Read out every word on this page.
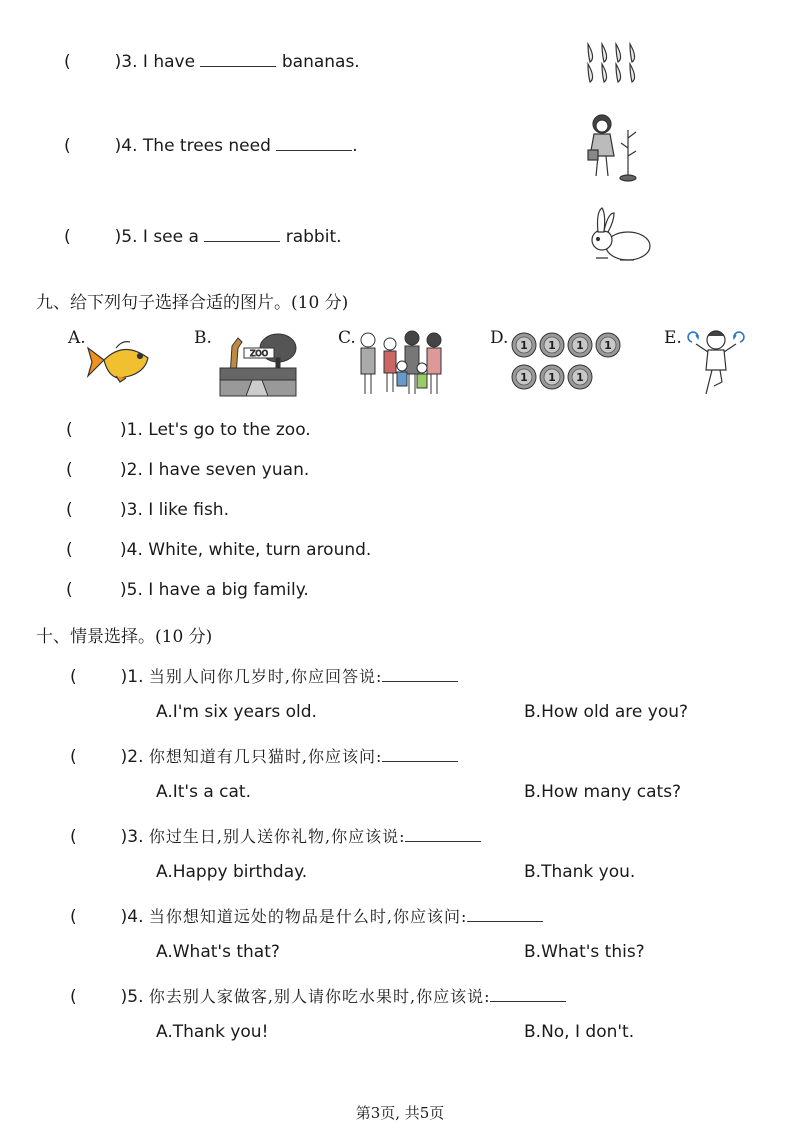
(	)3. I have	bananas.
(	)4. The trees need	.
(	)5. I see a	rabbit.
九、给下列句子选择合适的图片。(10 分)
A.	B.
ZOO
C.	D. 1 1 1 1
1 1 1
E.
(	)1. Let's go to the zoo.
(	)2. I have seven yuan.
(	)3. I like fish.
(	)4. White, white, turn around.
(	)5. I have a big family.
十、情景选择。(10 分)
(	)1. 当别人问你几岁时,你应回答说:
A.I'm six years old.	B.How old are you?
(	)2. 你想知道有几只猫时,你应该问:
A.It's a cat.	B.How many cats?
(	)3. 你过生日,别人送你礼物,你应该说:
A.Happy birthday.	B.Thank you.
(	)4. 当你想知道远处的物品是什么时,你应该问:
A.What's that?	B.What's this?
(	)5. 你去别人家做客,别人请你吃水果时,你应该说:
A.Thank you!	B.No, I don't.
第3页, 共5页
